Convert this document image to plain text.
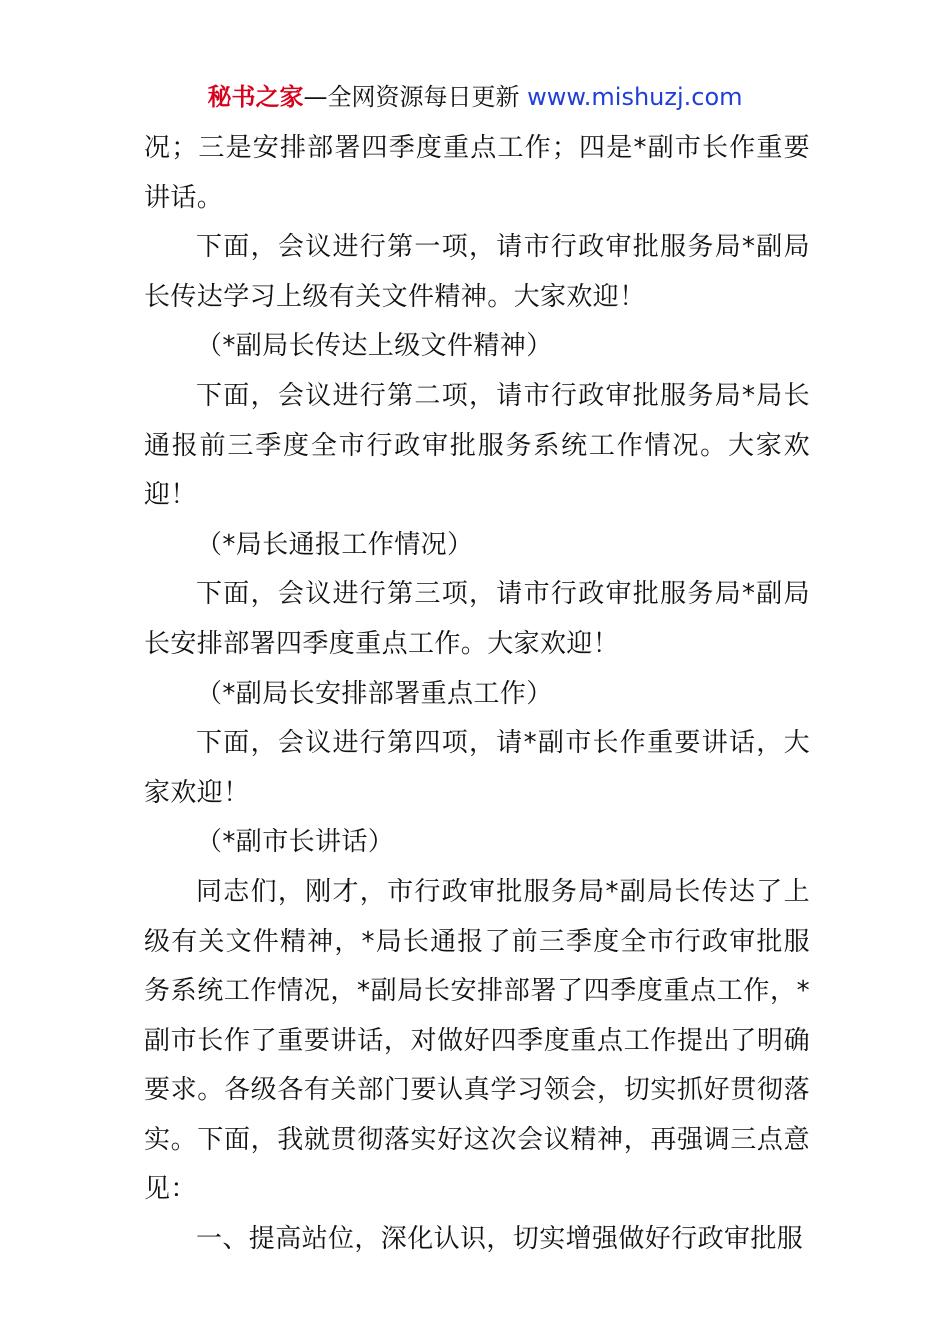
秘书之家—全网资源每日更新 www.mishuzj.com

况；三是安排部署四季度重点工作；四是*副市长作重要讲话。

下面，会议进行第一项，请市行政审批服务局*副局长传达学习上级有关文件精神。大家欢迎！

（*副局长传达上级文件精神）

下面，会议进行第二项，请市行政审批服务局*局长通报前三季度全市行政审批服务系统工作情况。大家欢迎！

（*局长通报工作情况）

下面，会议进行第三项，请市行政审批服务局*副局长安排部署四季度重点工作。大家欢迎！

（*副局长安排部署重点工作）

下面，会议进行第四项，请*副市长作重要讲话，大家欢迎！

（*副市长讲话）

同志们，刚才，市行政审批服务局*副局长传达了上级有关文件精神，*局长通报了前三季度全市行政审批服务系统工作情况，*副局长安排部署了四季度重点工作，*副市长作了重要讲话，对做好四季度重点工作提出了明确要求。各级各有关部门要认真学习领会，切实抓好贯彻落实。下面，我就贯彻落实好这次会议精神，再强调三点意见：

一、提高站位，深化认识，切实增强做好行政审批服
